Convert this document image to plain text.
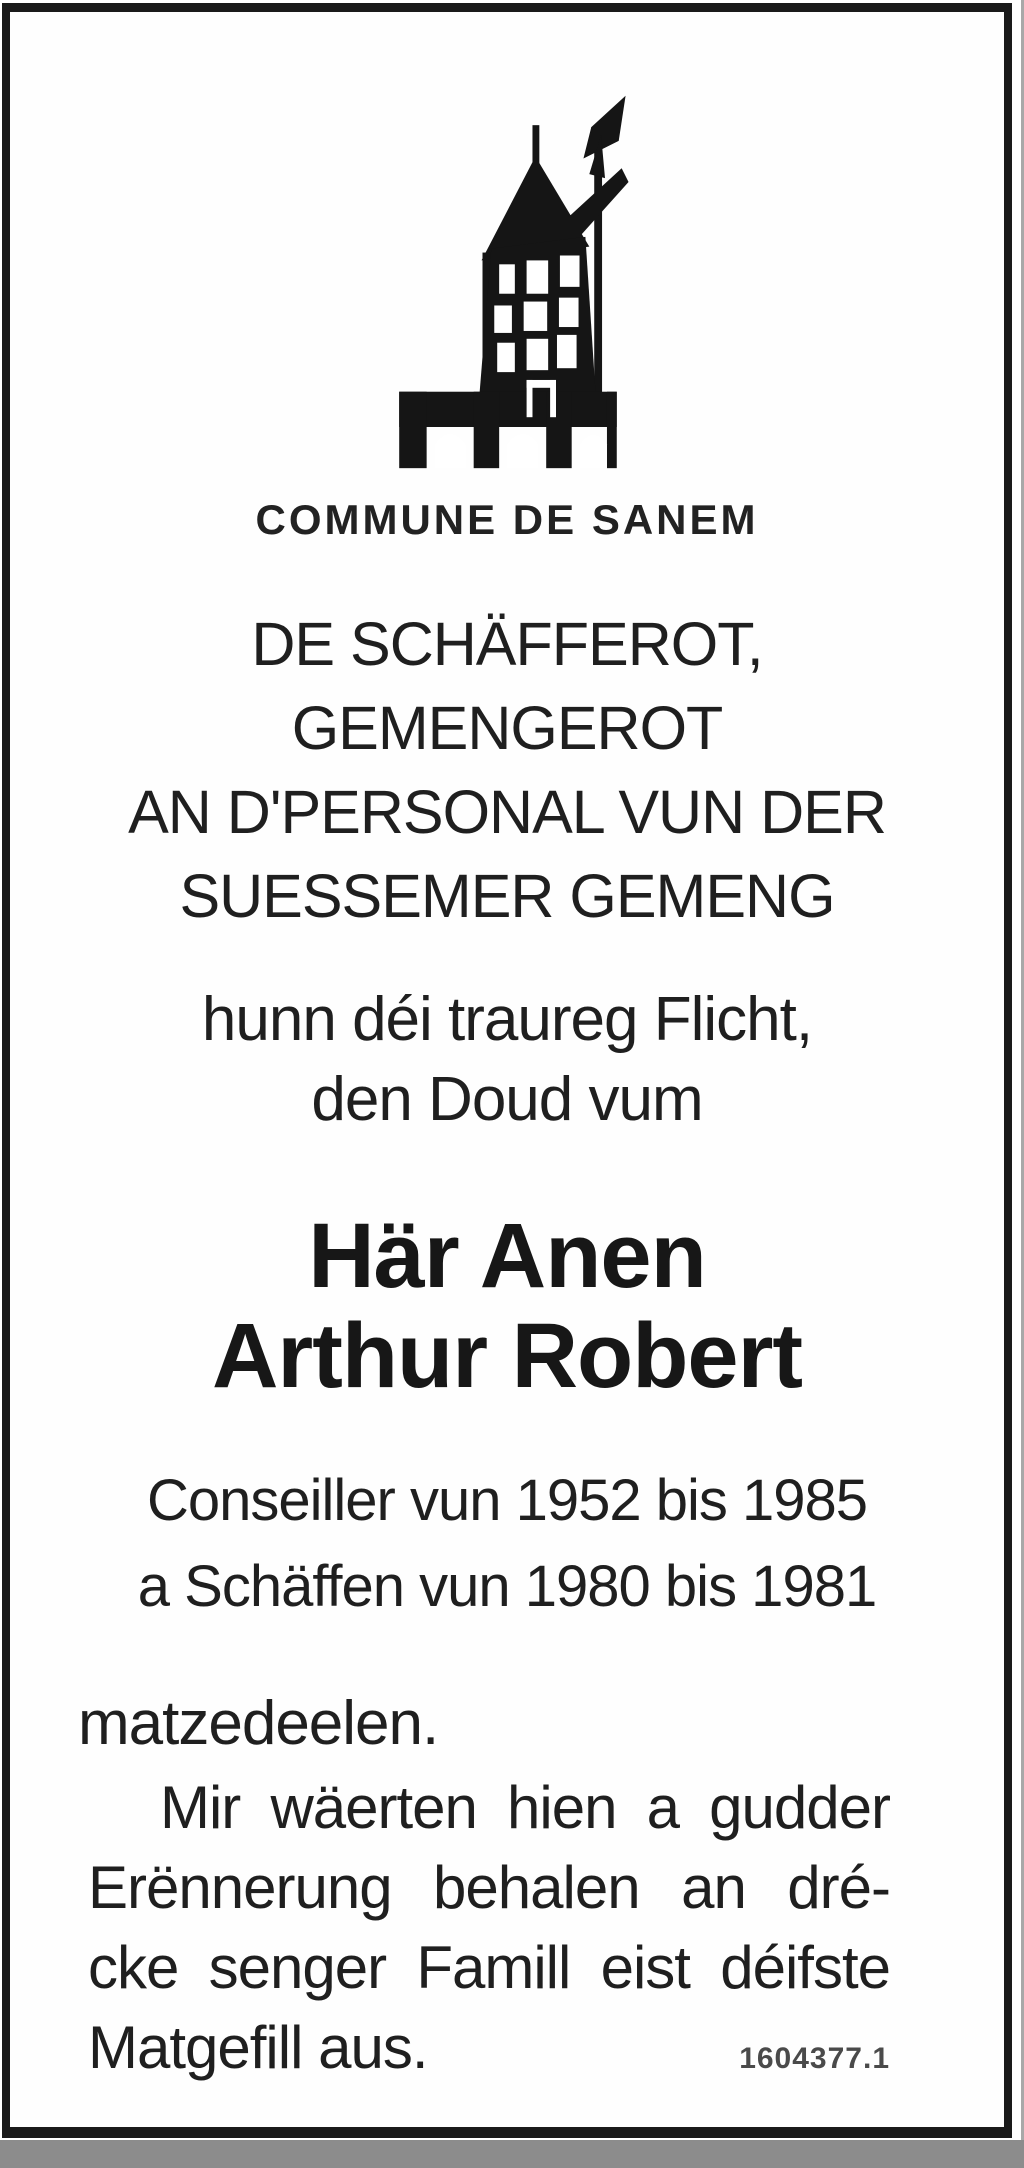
COMMUNE DE SANEM
DE SCHÄFFEROT,
GEMENGEROT
AN D'PERSONAL VUN DER
SUESSEMER GEMENG
hunn déi traureg Flicht,
den Doud vum
Här Anen
Arthur Robert
Conseiller vun 1952 bis 1985
a Schäffen vun 1980 bis 1981
matzedeelen.
Mir wäerten hien a gudder
Erënnerung behalen an dré-
cke senger Famill eist déifste
Matgefill aus.	1604377.1
